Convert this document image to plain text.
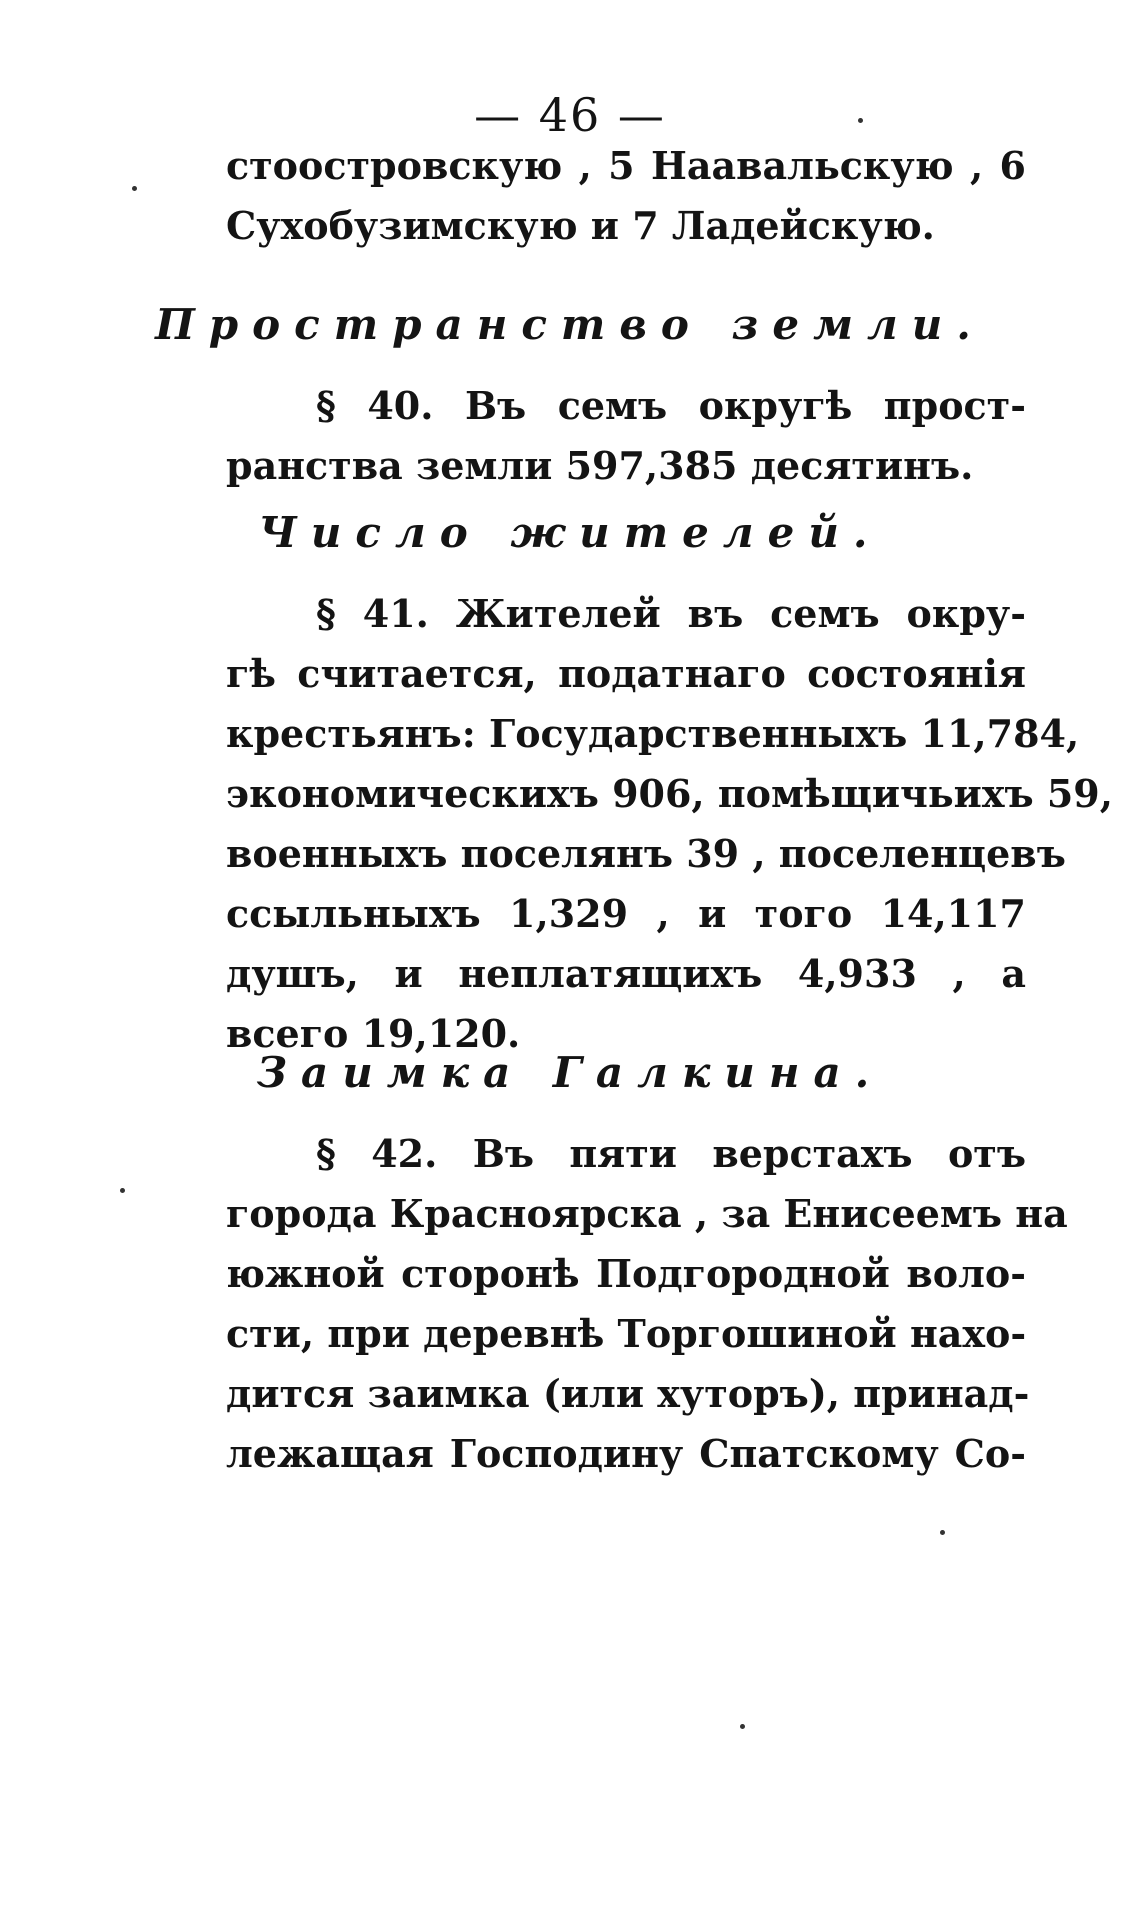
— 46 —
стоостровскую , 5 Наавальскую , 6
Сухобузимскую и 7 Ладейскую.
Пространство земли.
§ 40. Въ семъ округѣ прост-
ранства земли 597,385 десятинъ.
Число жителей.
§ 41. Жителей въ семъ окру-
гѣ считается, податнаго состоянія
крестьянъ: Государственныхъ 11,784,
экономическихъ 906, помѣщичьихъ 59,
военныхъ поселянъ 39 , поселенцевъ
ссыльныхъ 1,329 , и того 14,117
душъ, и неплатящихъ 4,933 , а
всего 19,120.
Заимка Галкина.
§ 42. Въ пяти верстахъ отъ
города Красноярска , за Енисеемъ на
южной сторонѣ Подгородной воло-
сти, при деревнѣ Торгошиной нахо-
дится заимка (или хуторъ), принад-
лежащая Господину Спатскому Со-
